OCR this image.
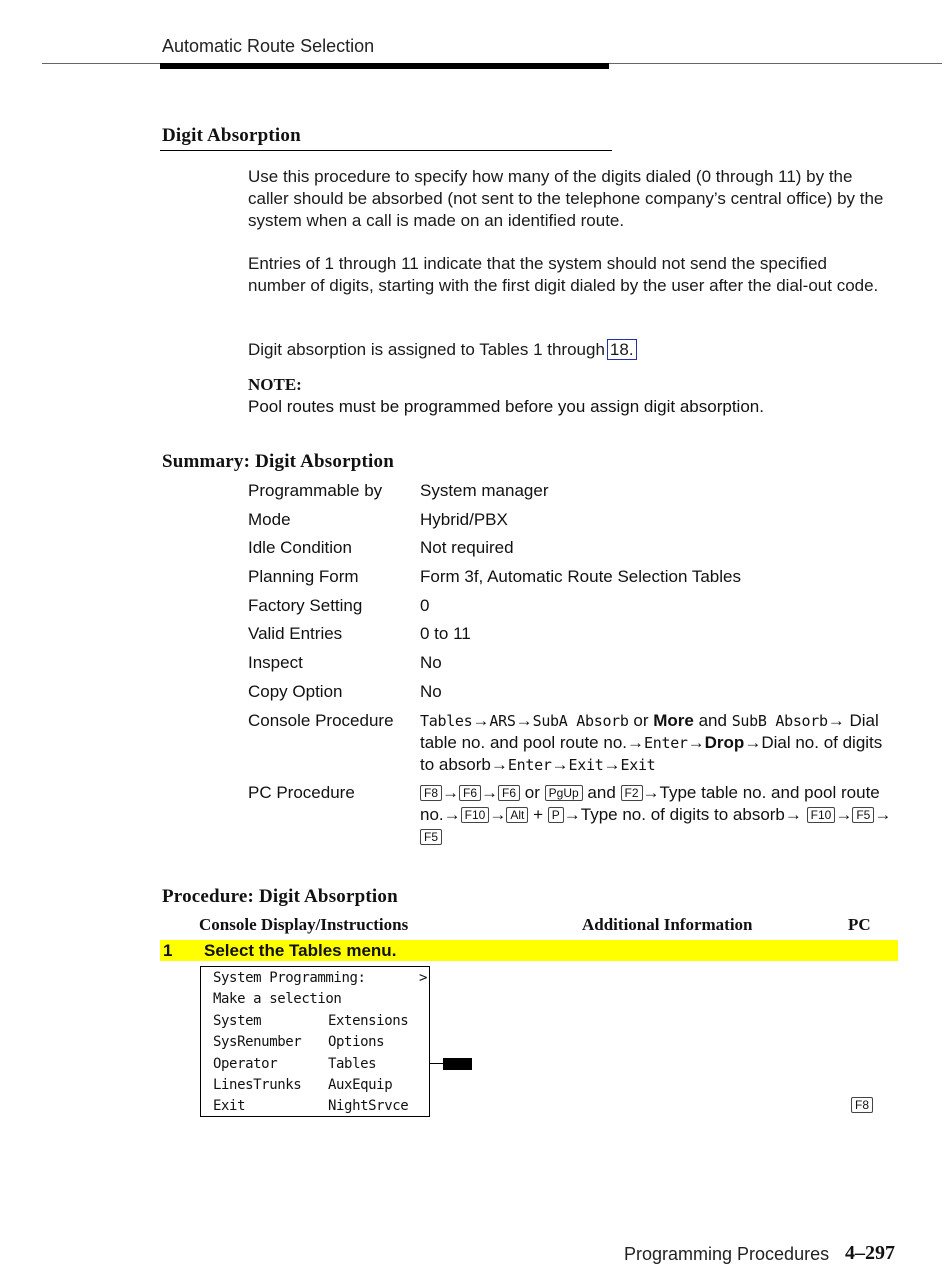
Automatic Route Selection
Digit Absorption
Use this procedure to specify how many of the digits dialed (0 through 11) by the caller should be absorbed (not sent to the telephone company’s central office) by the system when a call is made on an identified route.
Entries of 1 through 11 indicate that the system should not send the specified number of digits, starting with the first digit dialed by the user after the dial-out code.
Digit absorption is assigned to Tables 1 through 18.
NOTE:
Pool routes must be programmed before you assign digit absorption.
Summary: Digit Absorption
Programmable by	System manager
Mode	Hybrid/PBX
Idle Condition	Not required
Planning Form	Form 3f, Automatic Route Selection Tables
Factory Setting	0
Valid Entries	0 to 11
Inspect	No
Copy Option	No
Console Procedure	Tables→ARS→SubA Absorb or More and SubB Absorb→ Dial table no. and pool route no.→Enter→Drop→Dial no. of digits to absorb→Enter→Exit→Exit
PC Procedure	F8 → F6 → F6 or PgUp and F2 →Type table no. and pool route no.→ F10 → Alt + P →Type no. of digits to absorb→ F10 → F5 →F5
Procedure: Digit Absorption
Console Display/Instructions	Additional Information	PC
1 Select the Tables menu.
System Programming:	>
Make a selection
System	Extensions
SysRenumber Options
Operator	Tables
LinesTrunks AuxEquip
Exit	NightSrvce	F8
Programming Procedures 4–297
